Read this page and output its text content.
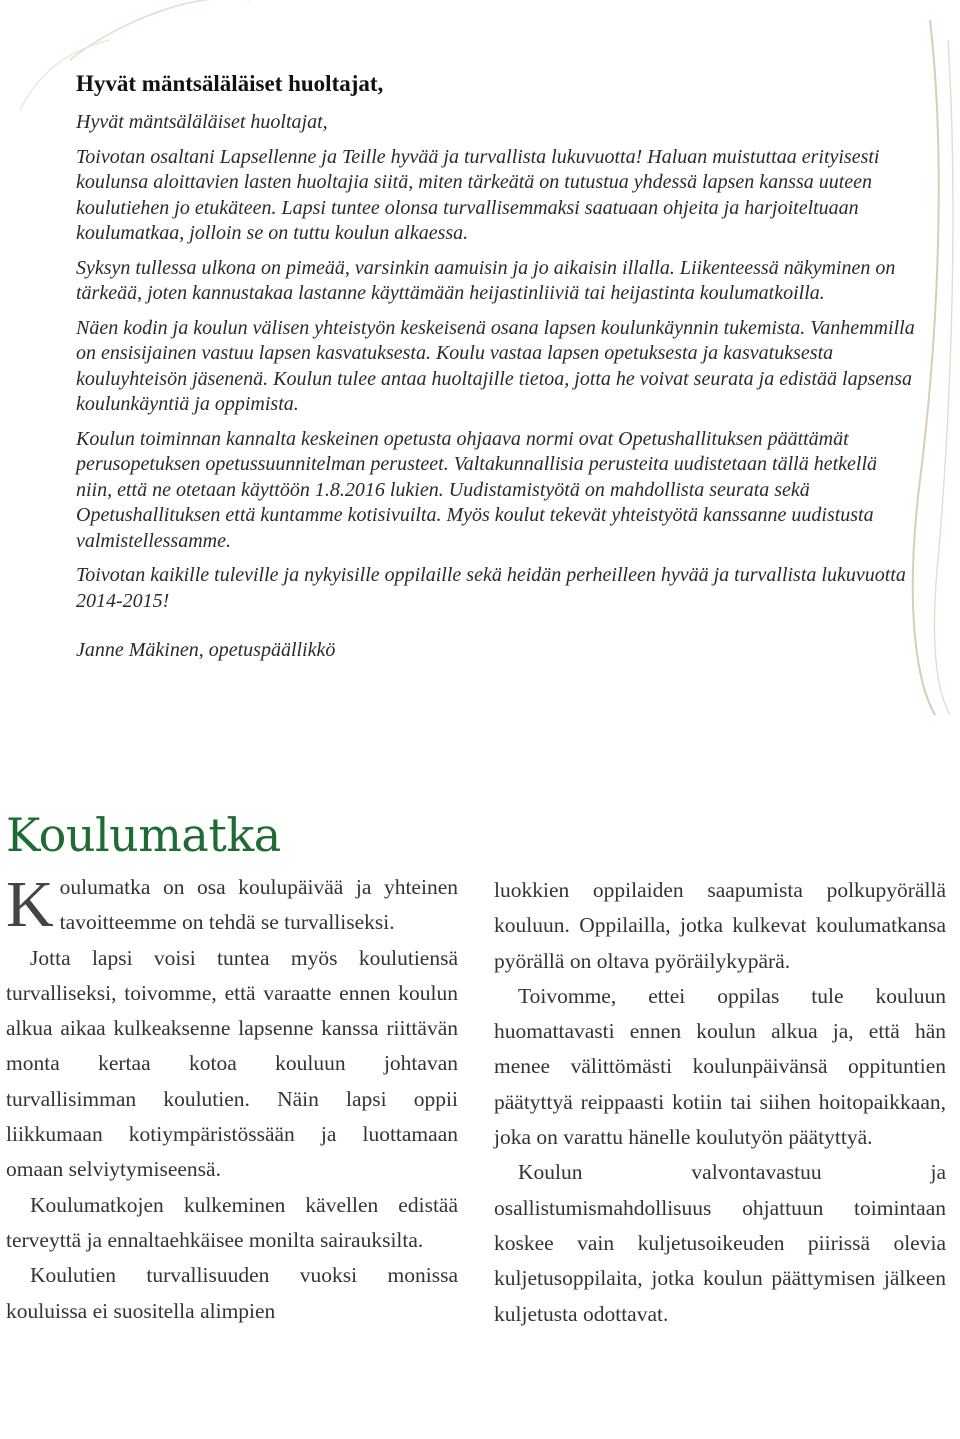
Hyvät mäntsäläläiset huoltajat,

Hyvät mäntsäläläiset huoltajat,

Toivotan osaltani Lapsellenne ja Teille hyvää ja turvallista lukuvuotta! Haluan muistuttaa erityisesti koulunsa aloittavien lasten huoltajia siitä, miten tärkeätä on tutustua yhdessä lapsen kanssa uuteen koulutiehen jo etukäteen. Lapsi tuntee olonsa turvallisemmaksi saatuaan ohjeita ja harjoiteltuaan koulumatkaa, jolloin se on tuttu koulun alkaessa.

Syksyn tullessa ulkona on pimeää, varsinkin aamuisin ja jo aikaisin illalla. Liikenteessä näkyminen on tärkeää, joten kannustakaa lastanne käyttämään heijastinliiviä tai heijastinta koulumatkoilla.

Näen kodin ja koulun välisen yhteistyön keskeisenä osana lapsen koulunkäynnin tukemista. Vanhemmilla on ensisijainen vastuu lapsen kasvatuksesta. Koulu vastaa lapsen opetuksesta ja kasvatuksesta kouluyhteisön jäsenenä. Koulun tulee antaa huoltajille tietoa, jotta he voivat seurata ja edistää lapsensa koulunkäyntiä ja oppimista.

Koulun toiminnan kannalta keskeinen opetusta ohjaava normi ovat Opetushallituksen päättämät perusopetuksen opetussuunnitelman perusteet. Valtakunnallisia perusteita uudistetaan tällä hetkellä niin, että ne otetaan käyttöön 1.8.2016 lukien. Uudistamistyötä on mahdollista seurata sekä Opetushallituksen että kuntamme kotisivuilta. Myös koulut tekevät yhteistyötä kanssanne uudistusta valmistellessamme.

Toivotan kaikille tuleville ja nykyisille oppilaille sekä heidän perheilleen hyvää ja turvallista lukuvuotta 2014-2015!

Janne Mäkinen, opetuspäällikkö

Koulumatka

Koulumatka on osa koulupäivää ja yhteinen tavoitteemme on tehdä se turvalliseksi.

Jotta lapsi voisi tuntea myös koulutiensä turvalliseksi, toivomme, että varaatte ennen koulun alkua aikaa kulkeaksenne lapsenne kanssa riittävän monta kertaa kotoa kouluun johtavan turvallisimman koulutien. Näin lapsi oppii liikkumaan kotiympäristössään ja luottamaan omaan selviytymiseensä.

Koulumatkojen kulkeminen kävellen edistää terveyttä ja ennaltaehkäisee monilta sairauksilta.

Koulutien turvallisuuden vuoksi monissa kouluissa ei suositella alimpien

luokkien oppilaiden saapumista polkupyörällä kouluun. Oppilailla, jotka kulkevat koulumatkansa pyörällä on oltava pyöräilykypärä.

Toivomme, ettei oppilas tule kouluun huomattavasti ennen koulun alkua ja, että hän menee välittömästi koulunpäivänsä oppituntien päätyttyä reippaasti kotiin tai siihen hoitopaikkaan, joka on varattu hänelle koulutyön päätyttyä.

Koulun valvontavastuu ja osallistumismahdollisuus ohjattuun toimintaan koskee vain kuljetusoikeuden piirissä olevia kuljetusoppilaita, jotka koulun päättymisen jälkeen kuljetusta odottavat.
